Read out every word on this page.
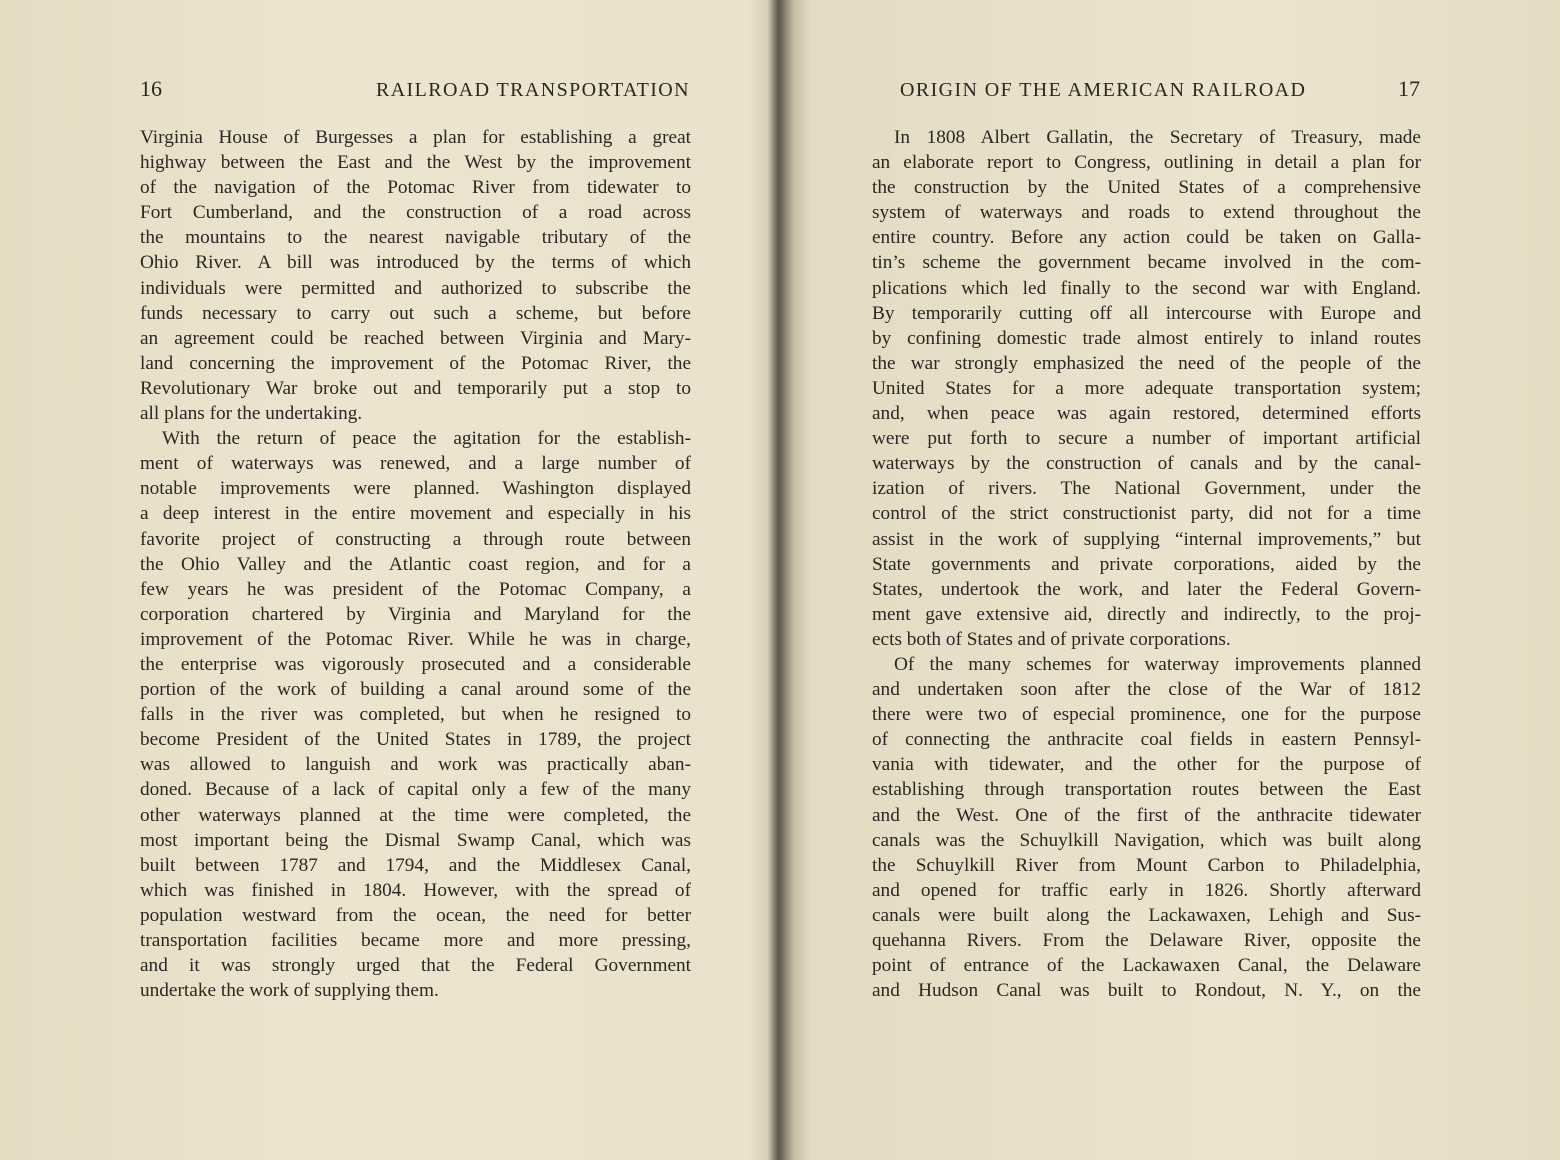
16	RAILROAD TRANSPORTATION
Virginia House of Burgesses a plan for establishing a great
highway between the East and the West by the improvement
of the navigation of the Potomac River from tidewater to
Fort Cumberland, and the construction of a road across
the mountains to the nearest navigable tributary of the
Ohio River. A bill was introduced by the terms of which
individuals were permitted and authorized to subscribe the
funds necessary to carry out such a scheme, but before
an agreement could be reached between Virginia and Mary-
land concerning the improvement of the Potomac River, the
Revolutionary War broke out and temporarily put a stop to
all plans for the undertaking.
With the return of peace the agitation for the establish-
ment of waterways was renewed, and a large number of
notable improvements were planned. Washington displayed
a deep interest in the entire movement and especially in his
favorite project of constructing a through route between
the Ohio Valley and the Atlantic coast region, and for a
few years he was president of the Potomac Company, a
corporation chartered by Virginia and Maryland for the
improvement of the Potomac River. While he was in charge,
the enterprise was vigorously prosecuted and a considerable
portion of the work of building a canal around some of the
falls in the river was completed, but when he resigned to
become President of the United States in 1789, the project
was allowed to languish and work was practically aban-
doned. Because of a lack of capital only a few of the many
other waterways planned at the time were completed, the
most important being the Dismal Swamp Canal, which was
built between 1787 and 1794, and the Middlesex Canal,
which was finished in 1804. However, with the spread of
population westward from the ocean, the need for better
transportation facilities became more and more pressing,
and it was strongly urged that the Federal Government
undertake the work of supplying them.
ORIGIN OF THE AMERICAN RAILROAD	17
In 1808 Albert Gallatin, the Secretary of Treasury, made
an elaborate report to Congress, outlining in detail a plan for
the construction by the United States of a comprehensive
system of waterways and roads to extend throughout the
entire country. Before any action could be taken on Galla-
tin’s scheme the government became involved in the com-
plications which led finally to the second war with England.
By temporarily cutting off all intercourse with Europe and
by confining domestic trade almost entirely to inland routes
the war strongly emphasized the need of the people of the
United States for a more adequate transportation system;
and, when peace was again restored, determined efforts
were put forth to secure a number of important artificial
waterways by the construction of canals and by the canal-
ization of rivers. The National Government, under the
control of the strict constructionist party, did not for a time
assist in the work of supplying “internal improvements,” but
State governments and private corporations, aided by the
States, undertook the work, and later the Federal Govern-
ment gave extensive aid, directly and indirectly, to the proj-
ects both of States and of private corporations.
Of the many schemes for waterway improvements planned
and undertaken soon after the close of the War of 1812
there were two of especial prominence, one for the purpose
of connecting the anthracite coal fields in eastern Pennsyl-
vania with tidewater, and the other for the purpose of
establishing through transportation routes between the East
and the West. One of the first of the anthracite tidewater
canals was the Schuylkill Navigation, which was built along
the Schuylkill River from Mount Carbon to Philadelphia,
and opened for traffic early in 1826. Shortly afterward
canals were built along the Lackawaxen, Lehigh and Sus-
quehanna Rivers. From the Delaware River, opposite the
point of entrance of the Lackawaxen Canal, the Delaware
and Hudson Canal was built to Rondout, N. Y., on the
